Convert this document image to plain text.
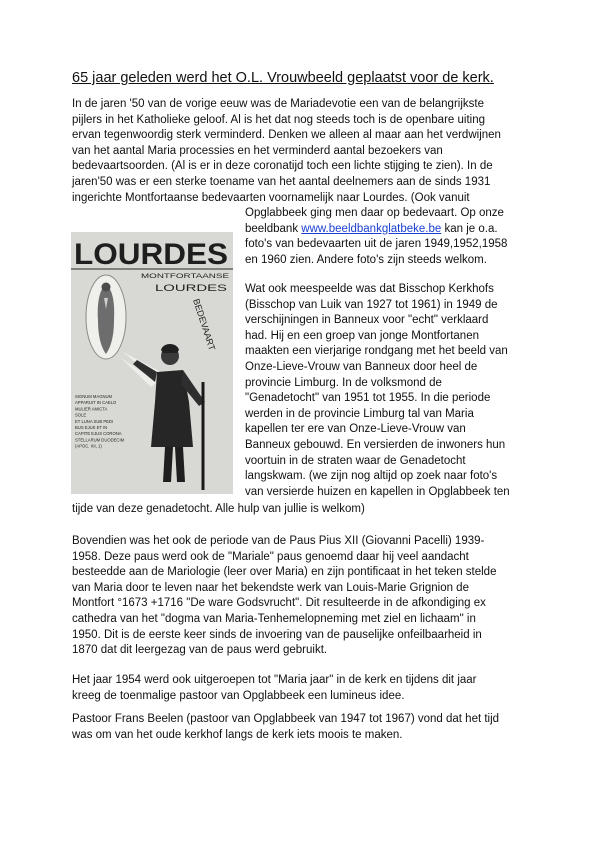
65 jaar geleden werd het O.L. Vrouwbeeld geplaatst voor de kerk.
In de jaren '50 van de vorige eeuw was de Mariadevotie een van de belangrijkste
pijlers in het Katholieke geloof. Al is het dat nog steeds toch is de openbare uiting
ervan tegenwoordig sterk verminderd. Denken we alleen al maar aan het verdwijnen
van het aantal Maria processies en het verminderd aantal bezoekers van
bedevaartsoorden. (Al is er in deze coronatijd toch een lichte stijging te zien). In de
jaren'50 was er een sterke toename van het aantal deelnemers aan de sinds 1931
ingerichte Montfortaanse bedevaarten voornamelijk naar Lourdes. (Ook vanuit
LOURDES
MONTFORTAANSE
LOURDES
BEDEVAART
SIGNUM MAGNUM
APPARUIT IN CAELO
MULIER AMICTA
SOLE
ET LUNA SUB PEDI
BUS EJUS ET IN
CAPITE EJUS CORONA
STELLARUM DUODECIM
(APOC. XII, 1)
Opglabbeek ging men daar op bedevaart. Op onze
beeldbank www.beeldbankglatbeke.be kan je o.a.
foto's van bedevaarten uit de jaren 1949,1952,1958
en 1960 zien. Andere foto's zijn steeds welkom.
Wat ook meespeelde was dat Bisschop Kerkhofs
(Bisschop van Luik van 1927 tot 1961) in 1949 de
verschijningen in Banneux voor "echt" verklaard
had. Hij en een groep van jonge Montfortanen
maakten een vierjarige rondgang met het beeld van
Onze-Lieve-Vrouw van Banneux door heel de
provincie Limburg. In de volksmond de
"Genadetocht" van 1951 tot 1955. In die periode
werden in de provincie Limburg tal van Maria
kapellen ter ere van Onze-Lieve-Vrouw van
Banneux gebouwd. En versierden de inwoners hun
voortuin in de straten waar de Genadetocht
langskwam. (we zijn nog altijd op zoek naar foto's
van versierde huizen en kapellen in Opglabbeek ten
tijde van deze genadetocht. Alle hulp van jullie is welkom)
Bovendien was het ook de periode van de Paus Pius XII (Giovanni Pacelli) 1939-
1958. Deze paus werd ook de "Mariale" paus genoemd daar hij veel aandacht
besteedde aan de Mariologie (leer over Maria) en zijn pontificaat in het teken stelde
van Maria door te leven naar het bekendste werk van Louis-Marie Grignion de
Montfort °1673 +1716 "De ware Godsvrucht". Dit resulteerde in de afkondiging ex
cathedra van het "dogma van Maria-Tenhemelopneming met ziel en lichaam" in
1950. Dit is de eerste keer sinds de invoering van de pauselijke onfeilbaarheid in
1870 dat dit leergezag van de paus werd gebruikt.
Het jaar 1954 werd ook uitgeroepen tot "Maria jaar" in de kerk en tijdens dit jaar
kreeg de toenmalige pastoor van Opglabbeek een lumineus idee.
Pastoor Frans Beelen (pastoor van Opglabbeek van 1947 tot 1967) vond dat het tijd
was om van het oude kerkhof langs de kerk iets moois te maken.
